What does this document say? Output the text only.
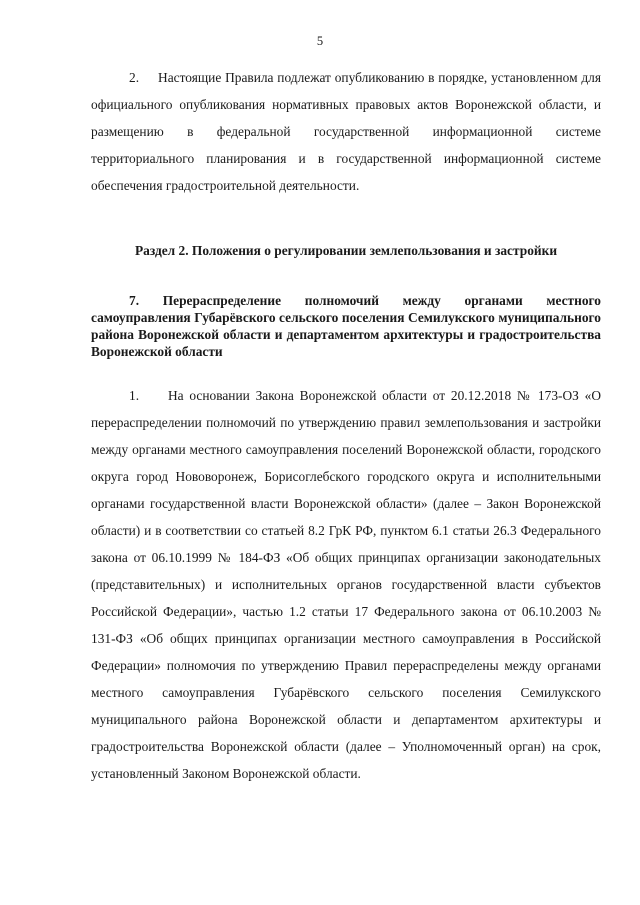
5

2.     Настоящие Правила подлежат опубликованию в порядке, установленном для официального опубликования нормативных правовых актов Воронежской области, и размещению в федеральной государственной информационной системе территориального планирования и в государственной информационной системе обеспечения градостроительной деятельности.

Раздел 2. Положения о регулировании землепользования и застройки

7. Перераспределение полномочий между органами местного самоуправления Губарёвского сельского поселения Семилукского муниципального района Воронежской области и департаментом архитектуры и градостроительства Воронежской области

1.     На основании Закона Воронежской области от 20.12.2018 № 173-ОЗ «О перераспределении полномочий по утверждению правил землепользования и застройки между органами местного самоуправления поселений Воронежской области, городского округа город Нововоронеж, Борисоглебского городского округа и исполнительными органами государственной власти Воронежской области» (далее – Закон Воронежской области) и в соответствии со статьей 8.2 ГрК РФ, пунктом 6.1 статьи 26.3 Федерального закона от 06.10.1999 № 184-ФЗ «Об общих принципах организации законодательных (представительных) и исполнительных органов государственной власти субъектов Российской Федерации», частью 1.2 статьи 17 Федерального закона от 06.10.2003 № 131-ФЗ «Об общих принципах организации местного самоуправления в Российской Федерации» полномочия по утверждению Правил перераспределены между органами местного самоуправления Губарёвского сельского поселения Семилукского муниципального района Воронежской области и департаментом архитектуры и градостроительства Воронежской области (далее – Уполномоченный орган) на срок, установленный Законом Воронежской области.
